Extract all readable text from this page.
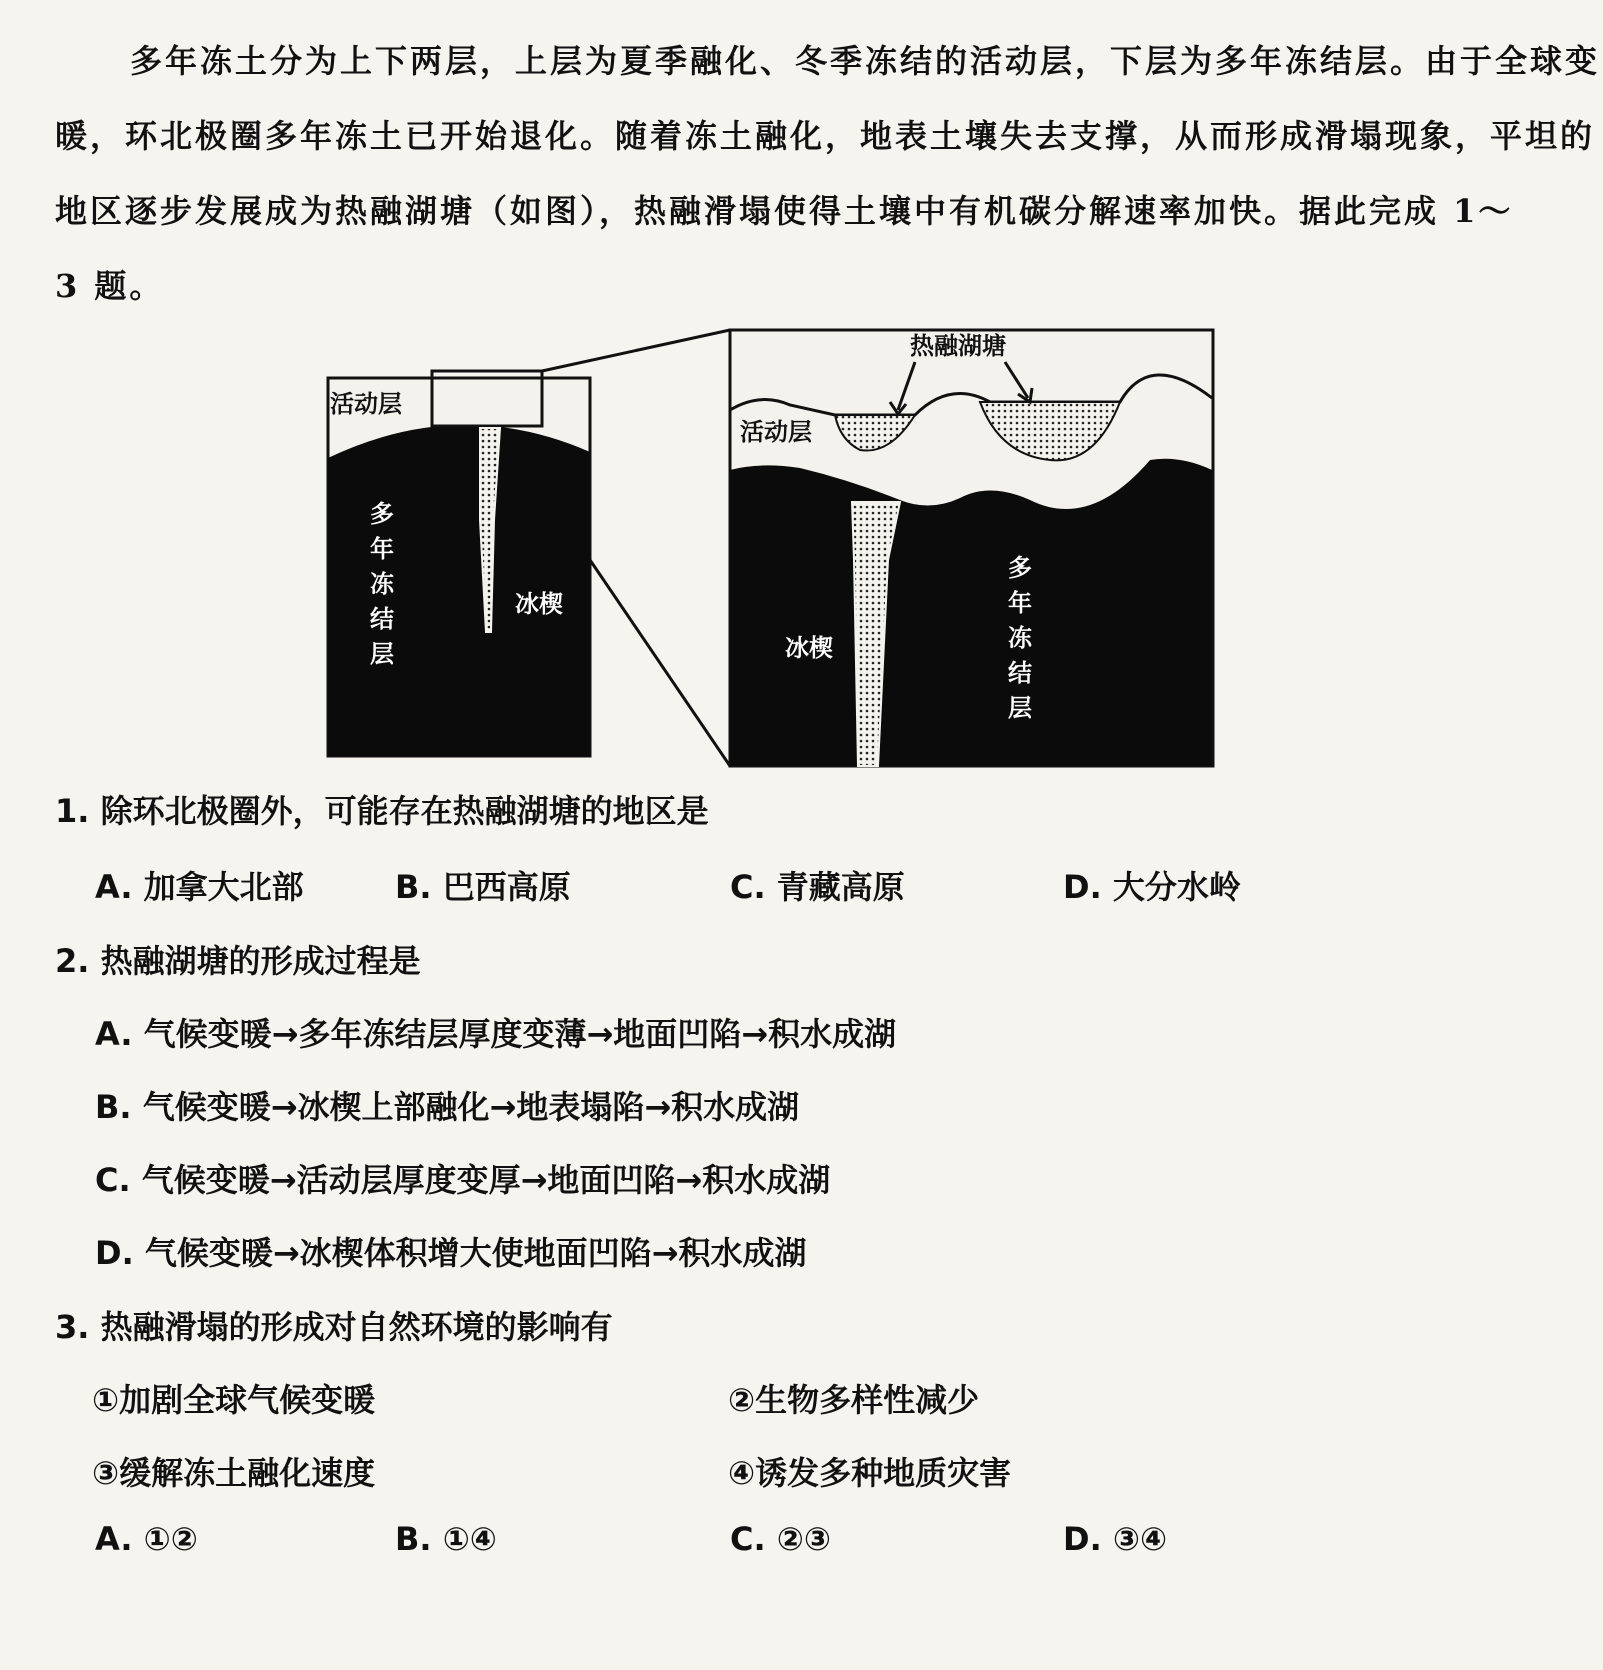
多年冻土分为上下两层，上层为夏季融化、冬季冻结的活动层，下层为多年冻结层。由于全球变
暖，环北极圈多年冻土已开始退化。随着冻土融化，地表土壤失去支撑，从而形成滑塌现象，平坦的
地区逐步发展成为热融湖塘（如图），热融滑塌使得土壤中有机碳分解速率加快。据此完成 1～
3 题。
活动层
冰楔
多
年
冻
结
层
热融湖塘
活动层
冰楔
多
年
冻
结
层
1. 除环北极圈外，可能存在热融湖塘的地区是
A. 加拿大北部	B. 巴西高原	C. 青藏高原	D. 大分水岭
2. 热融湖塘的形成过程是
A. 气候变暖→多年冻结层厚度变薄→地面凹陷→积水成湖
B. 气候变暖→冰楔上部融化→地表塌陷→积水成湖
C. 气候变暖→活动层厚度变厚→地面凹陷→积水成湖
D. 气候变暖→冰楔体积增大使地面凹陷→积水成湖
3. 热融滑塌的形成对自然环境的影响有
①加剧全球气候变暖	②生物多样性减少
③缓解冻土融化速度	④诱发多种地质灾害
A. ①②	B. ①④	C. ②③	D. ③④
